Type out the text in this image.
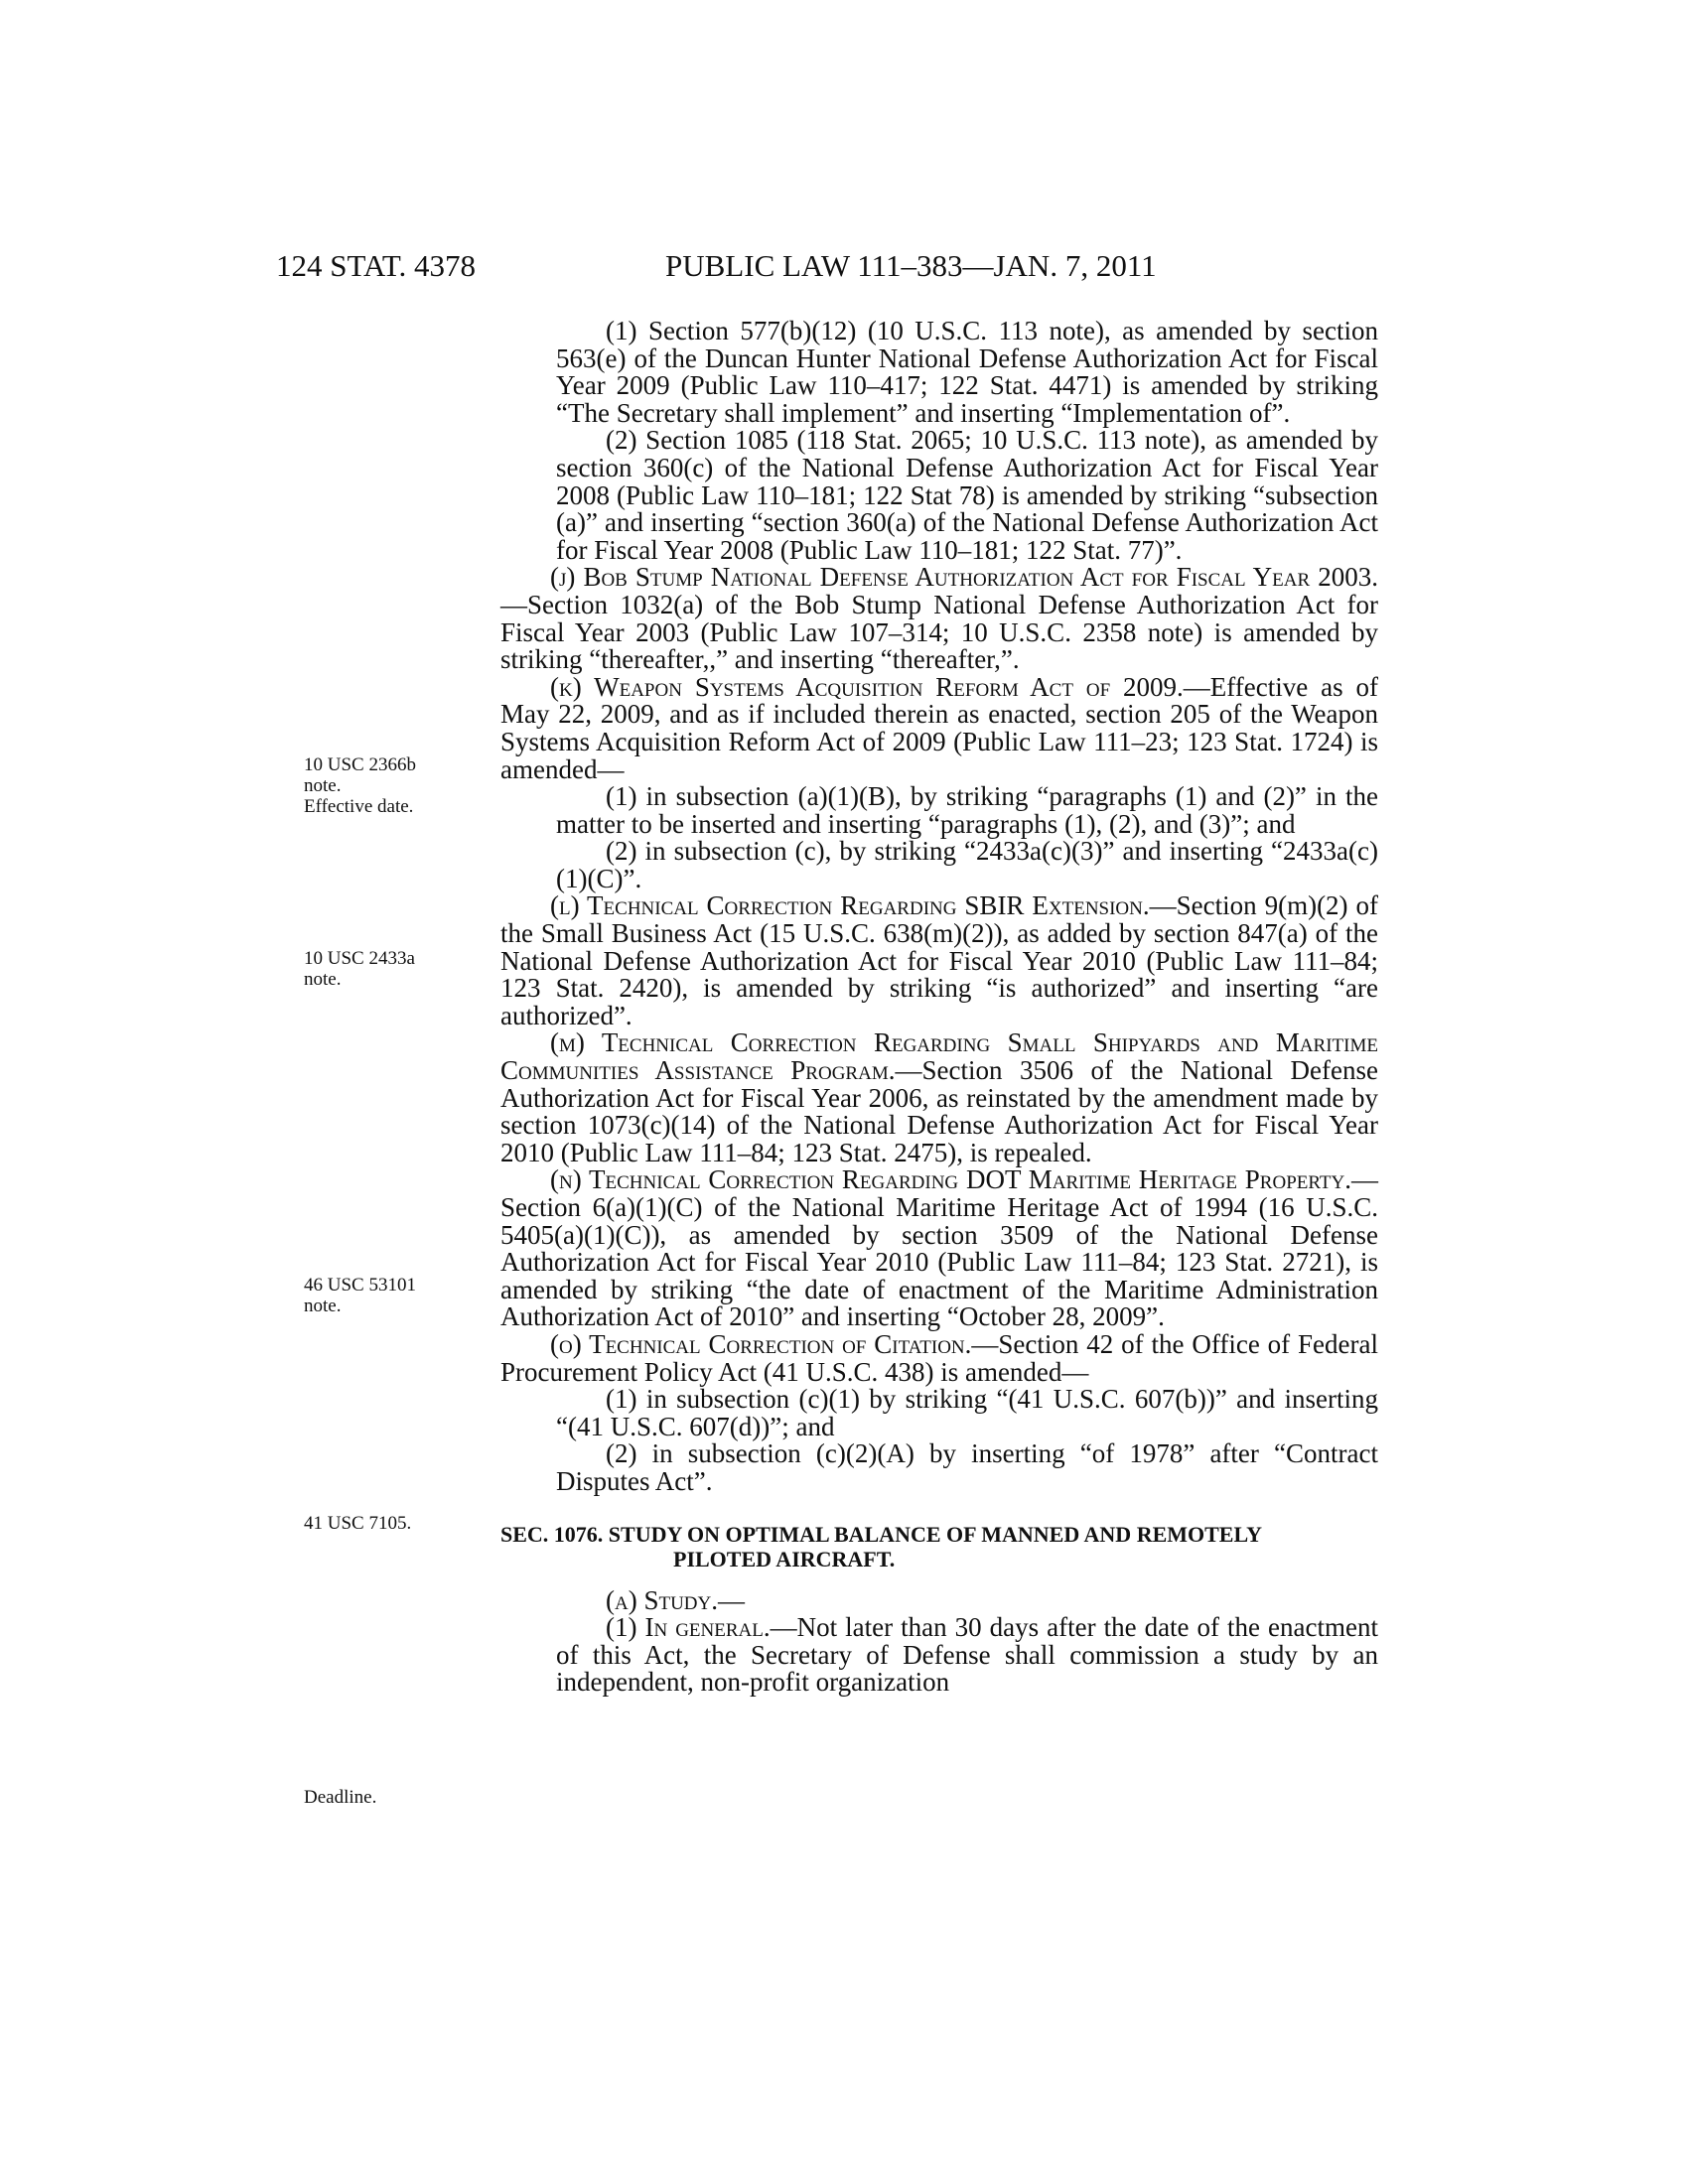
124 STAT. 4378	PUBLIC LAW 111–383—JAN. 7, 2011
10 USC 2366b
note.
Effective date.
10 USC 2433a
note.
46 USC 53101
note.
41 USC 7105.
Deadline.

(1) Section 577(b)(12) (10 U.S.C. 113 note), as amended by section 563(e) of the Duncan Hunter National Defense Authorization Act for Fiscal Year 2009 (Public Law 110–417; 122 Stat. 4471) is amended by striking “The Secretary shall implement” and inserting “Implementation of”.

(2) Section 1085 (118 Stat. 2065; 10 U.S.C. 113 note), as amended by section 360(c) of the National Defense Authorization Act for Fiscal Year 2008 (Public Law 110–181; 122 Stat 78) is amended by striking “subsection (a)” and inserting “section 360(a) of the National Defense Authorization Act for Fiscal Year 2008 (Public Law 110–181; 122 Stat. 77)”.

(j) Bob Stump National Defense Authorization Act for Fiscal Year 2003.—Section 1032(a) of the Bob Stump National Defense Authorization Act for Fiscal Year 2003 (Public Law 107–314; 10 U.S.C. 2358 note) is amended by striking “thereafter,,” and inserting “thereafter,”.

(k) Weapon Systems Acquisition Reform Act of 2009.—Effective as of May 22, 2009, and as if included therein as enacted, section 205 of the Weapon Systems Acquisition Reform Act of 2009 (Public Law 111–23; 123 Stat. 1724) is amended—

(1) in subsection (a)(1)(B), by striking “paragraphs (1) and (2)” in the matter to be inserted and inserting “paragraphs (1), (2), and (3)”; and

(2) in subsection (c), by striking “2433a(c)(3)” and inserting “2433a(c)(1)(C)”.

(l) Technical Correction Regarding SBIR Extension.—Section 9(m)(2) of the Small Business Act (15 U.S.C. 638(m)(2)), as added by section 847(a) of the National Defense Authorization Act for Fiscal Year 2010 (Public Law 111–84; 123 Stat. 2420), is amended by striking “is authorized” and inserting “are authorized”.

(m) Technical Correction Regarding Small Shipyards and Maritime Communities Assistance Program.—Section 3506 of the National Defense Authorization Act for Fiscal Year 2006, as reinstated by the amendment made by section 1073(c)(14) of the National Defense Authorization Act for Fiscal Year 2010 (Public Law 111–84; 123 Stat. 2475), is repealed.

(n) Technical Correction Regarding DOT Maritime Heritage Property.—Section 6(a)(1)(C) of the National Maritime Heritage Act of 1994 (16 U.S.C. 5405(a)(1)(C)), as amended by section 3509 of the National Defense Authorization Act for Fiscal Year 2010 (Public Law 111–84; 123 Stat. 2721), is amended by striking “the date of enactment of the Maritime Administration Authorization Act of 2010” and inserting “October 28, 2009”.

(o) Technical Correction of Citation.—Section 42 of the Office of Federal Procurement Policy Act (41 U.S.C. 438) is amended—

(1) in subsection (c)(1) by striking “(41 U.S.C. 607(b))” and inserting “(41 U.S.C. 607(d))”; and

(2) in subsection (c)(2)(A) by inserting “of 1978” after “Contract Disputes Act”.

SEC. 1076. STUDY ON OPTIMAL BALANCE OF MANNED AND REMOTELY
PILOTED AIRCRAFT.

(a) Study.—

(1) In general.—Not later than 30 days after the date of the enactment of this Act, the Secretary of Defense shall commission a study by an independent, non-profit organization
